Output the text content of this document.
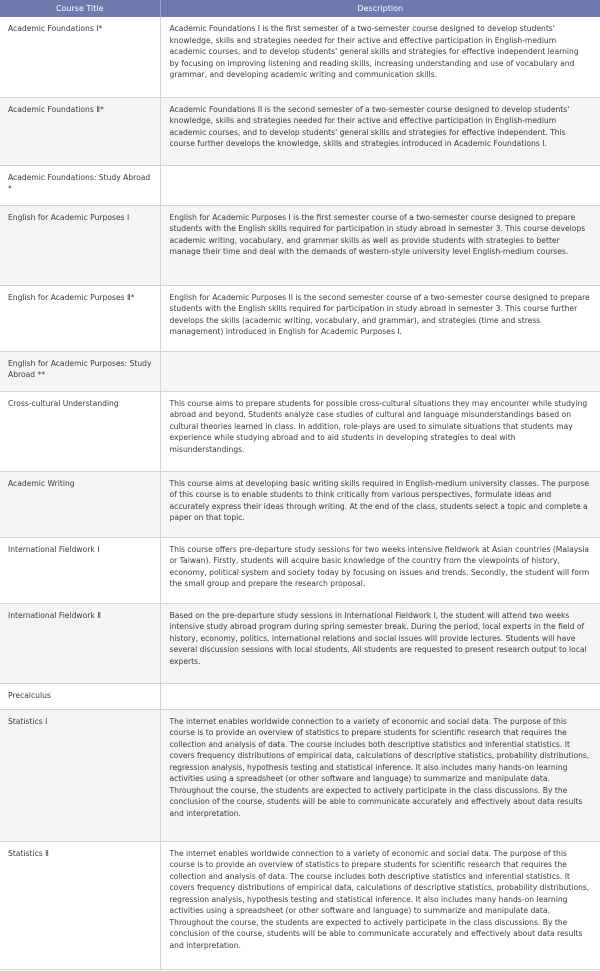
Course Title	Description
Academic Foundations Ⅰ*	Academic Foundations I is the first semester of a two-semester course designed to develop students' knowledge, skills and strategies needed for their active and effective participation in English-medium academic courses, and to develop students' general skills and strategies for effective independent learning by focusing on improving listening and reading skills, increasing understanding and use of vocabulary and grammar, and developing academic writing and communication skills.
Academic Foundations Ⅱ*	Academic Foundations II is the second semester of a two-semester course designed to develop students' knowledge, skills and strategies needed for their active and effective participation in English-medium academic courses, and to develop students' general skills and strategies for effective independent. This course further develops the knowledge, skills and strategies introduced in Academic Foundations I.
Academic Foundations: Study Abroad *	
English for Academic Purposes Ⅰ	English for Academic Purposes I is the first semester course of a two-semester course designed to prepare students with the English skills required for participation in study abroad in semester 3. This course develops academic writing, vocabulary, and grammar skills as well as provide students with strategies to better manage their time and deal with the demands of western-style university level English-medium courses.
English for Academic Purposes Ⅱ*	English for Academic Purposes II is the second semester course of a two-semester course designed to prepare students with the English skills required for participation in study abroad in semester 3. This course further develops the skills (academic writing, vocabulary, and grammar), and strategies (time and stress management) introduced in English for Academic Purposes I.
English for Academic Purposes: Study Abroad **	
Cross-cultural Understanding	This course aims to prepare students for possible cross-cultural situations they may encounter while studying abroad and beyond. Students analyze case studies of cultural and language misunderstandings based on cultural theories learned in class. In addition, role-plays are used to simulate situations that students may experience while studying abroad and to aid students in developing strategies to deal with misunderstandings.
Academic Writing	This course aims at developing basic writing skills required in English-medium university classes. The purpose of this course is to enable students to think critically from various perspectives, formulate ideas and accurately express their ideas through writing. At the end of the class, students select a topic and complete a paper on that topic.
International Fieldwork Ⅰ	This course offers pre-departure study sessions for two weeks intensive fieldwork at Asian countries (Malaysia or Taiwan). Firstly, students will acquire basic knowledge of the country from the viewpoints of history, economy, political system and society today by focusing on issues and trends. Secondly, the student will form the small group and prepare the research proposal.
International Fieldwork Ⅱ	Based on the pre-departure study sessions in International Fieldwork I, the student will attend two weeks intensive study abroad program during spring semester break. During the period, local experts in the field of history, economy, politics, international relations and social issues will provide lectures. Students will have several discussion sessions with local students. All students are requested to present research output to local experts.
Precalculus	
Statistics Ⅰ	The internet enables worldwide connection to a variety of economic and social data. The purpose of this course is to provide an overview of statistics to prepare students for scientific research that requires the collection and analysis of data. The course includes both descriptive statistics and inferential statistics. It covers frequency distributions of empirical data, calculations of descriptive statistics, probability distributions, regression analysis, hypothesis testing and statistical inference. It also includes many hands-on learning activities using a spreadsheet (or other software and language) to summarize and manipulate data. Throughout the course, the students are expected to actively participate in the class discussions. By the conclusion of the course, students will be able to communicate accurately and effectively about data results and interpretation.
Statistics Ⅱ	The internet enables worldwide connection to a variety of economic and social data. The purpose of this course is to provide an overview of statistics to prepare students for scientific research that requires the collection and analysis of data. The course includes both descriptive statistics and inferential statistics. It covers frequency distributions of empirical data, calculations of descriptive statistics, probability distributions, regression analysis, hypothesis testing and statistical inference. It also includes many hands-on learning activities using a spreadsheet (or other software and language) to summarize and manipulate data. Throughout the course, the students are expected to actively participate in the class discussions. By the conclusion of the course, students will be able to communicate accurately and effectively about data results and interpretation.
